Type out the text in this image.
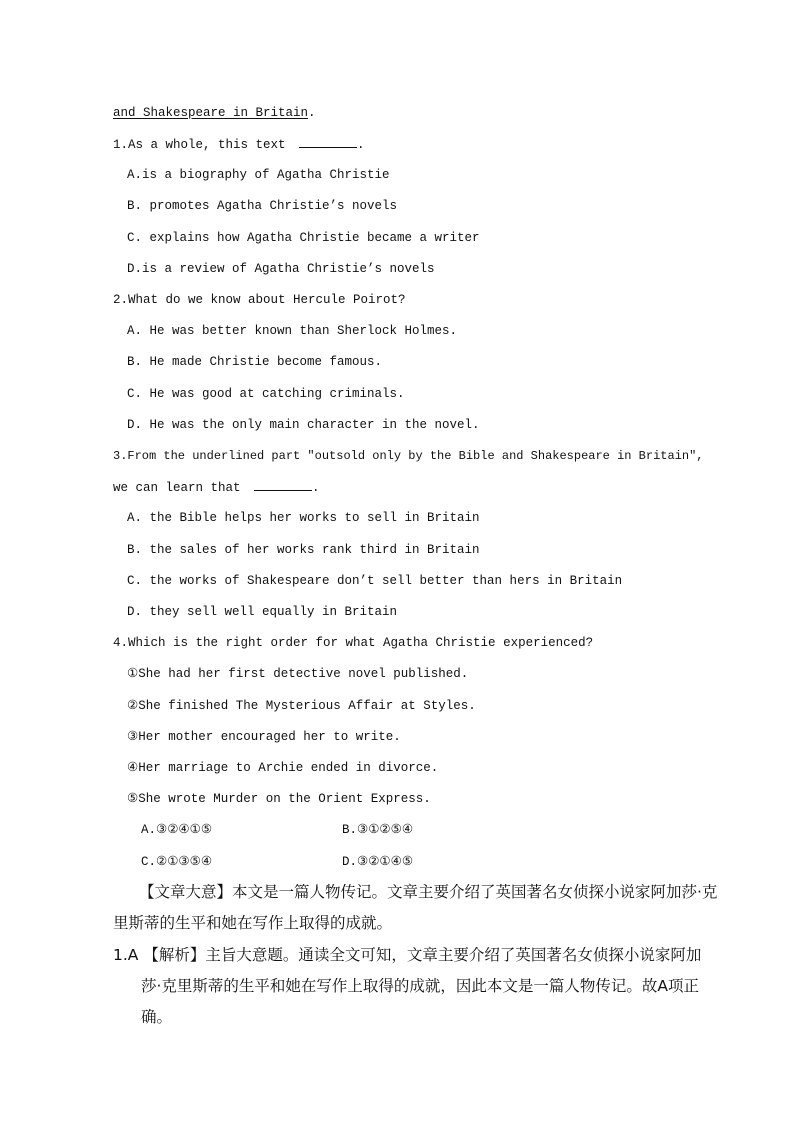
and Shakespeare in Britain.
1.As a whole, this text	.
A.is a biography of Agatha Christie
B. promotes Agatha Christie’s novels
C. explains how Agatha Christie became a writer
D.is a review of Agatha Christie’s novels
2.What do we know about Hercule Poirot?
A. He was better known than Sherlock Holmes.
B. He made Christie become famous.
C. He was good at catching criminals.
D. He was the only main character in the novel.
3.From the underlined part "outsold only by the Bible and Shakespeare in Britain",
we can learn that	.
A. the Bible helps her works to sell in Britain
B. the sales of her works rank third in Britain
C. the works of Shakespeare don’t sell better than hers in Britain
D. they sell well equally in Britain
4.Which is the right order for what Agatha Christie experienced?
①She had her first detective novel published.
②She finished The Mysterious Affair at Styles.
③Her mother encouraged her to write.
④Her marriage to Archie ended in divorce.
⑤She wrote Murder on the Orient Express.
A.③②④①⑤	B.③①②⑤④
C.②①③⑤④	D.③②①④⑤
【文章大意】本文是一篇人物传记。文章主要介绍了英国著名女侦探小说家阿加莎·克
里斯蒂的生平和她在写作上取得的成就。
1.A 【解析】主旨大意题。通读全文可知，文章主要介绍了英国著名女侦探小说家阿加
莎·克里斯蒂的生平和她在写作上取得的成就，因此本文是一篇人物传记。故A项正
确。
